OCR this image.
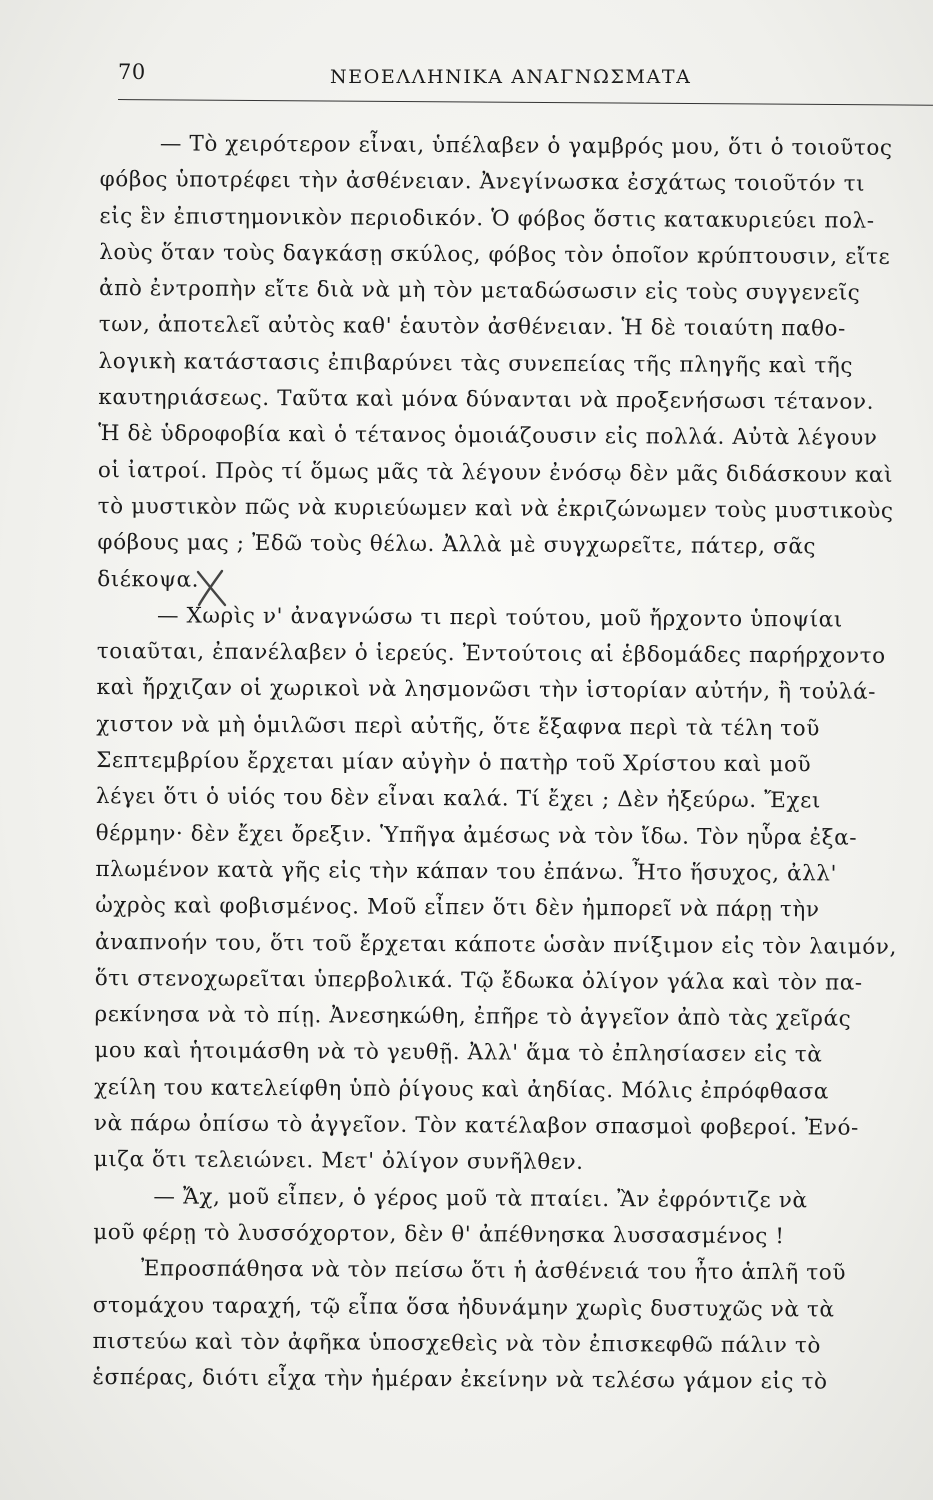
70	ΝΕΟΕΛΛΗΝΙΚΑ ΑΝΑΓΝΩΣΜΑΤΑ
— Τὸ χειρότερον εἶναι, ὑπέλαβεν ὁ γαμβρός μου, ὅτι ὁ τοιοῦτος
φόβος ὑποτρέφει τὴν ἀσθένειαν. Ἀνεγίνωσκα ἐσχάτως τοιοῦτόν τι
εἰς ἓν ἐπιστημονικὸν περιοδικόν. Ὁ φόβος ὅστις κατακυριεύει πολ-
λοὺς ὅταν τοὺς δαγκάσῃ σκύλος, φόβος τὸν ὁποῖον κρύπτουσιν, εἴτε
ἀπὸ ἐντροπὴν εἴτε διὰ νὰ μὴ τὸν μεταδώσωσιν εἰς τοὺς συγγενεῖς
των, ἀποτελεῖ αὐτὸς καθ' ἑαυτὸν ἀσθένειαν. Ἡ δὲ τοιαύτη παθο-
λογικὴ κατάστασις ἐπιβαρύνει τὰς συνεπείας τῆς πληγῆς καὶ τῆς
καυτηριάσεως. Ταῦτα καὶ μόνα δύνανται νὰ προξενήσωσι τέτανον.
Ἡ δὲ ὑδροφοβία καὶ ὁ τέτανος ὁμοιάζουσιν εἰς πολλά. Αὐτὰ λέγουν
οἱ ἰατροί. Πρὸς τί ὅμως μᾶς τὰ λέγουν ἐνόσῳ δὲν μᾶς διδάσκουν καὶ
τὸ μυστικὸν πῶς νὰ κυριεύωμεν καὶ νὰ ἐκριζώνωμεν τοὺς μυστικοὺς
φόβους μας ; Ἐδῶ τοὺς θέλω. Ἀλλὰ μὲ συγχωρεῖτε, πάτερ, σᾶς
διέκοψα.
— Χωρὶς ν' ἀναγνώσω τι περὶ τούτου, μοῦ ἤρχοντο ὑποψίαι
τοιαῦται, ἐπανέλαβεν ὁ ἱερεύς. Ἐντούτοις αἱ ἑβδομάδες παρήρχοντο
καὶ ἤρχιζαν οἱ χωρικοὶ νὰ λησμονῶσι τὴν ἱστορίαν αὐτήν, ἢ τοὐλά-
χιστον νὰ μὴ ὁμιλῶσι περὶ αὐτῆς, ὅτε ἔξαφνα περὶ τὰ τέλη τοῦ
Σεπτεμβρίου ἔρχεται μίαν αὐγὴν ὁ πατὴρ τοῦ Χρίστου καὶ μοῦ
λέγει ὅτι ὁ υἱός του δὲν εἶναι καλά. Τί ἔχει ; Δὲν ἠξεύρω. Ἔχει
θέρμην· δὲν ἔχει ὄρεξιν. Ὑπῆγα ἀμέσως νὰ τὸν ἴδω. Τὸν ηὗρα ἐξα-
πλωμένον κατὰ γῆς εἰς τὴν κάπαν του ἐπάνω. Ἦτο ἥσυχος, ἀλλ'
ὠχρὸς καὶ φοβισμένος. Μοῦ εἶπεν ὅτι δὲν ἠμπορεῖ νὰ πάρῃ τὴν
ἀναπνοήν του, ὅτι τοῦ ἔρχεται κάποτε ὡσὰν πνίξιμον εἰς τὸν λαιμόν,
ὅτι στενοχωρεῖται ὑπερβολικά. Τῷ ἔδωκα ὀλίγον γάλα καὶ τὸν πα-
ρεκίνησα νὰ τὸ πίῃ. Ἀνεσηκώθη, ἐπῆρε τὸ ἀγγεῖον ἀπὸ τὰς χεῖράς
μου καὶ ἡτοιμάσθη νὰ τὸ γευθῇ. Ἀλλ' ἅμα τὸ ἐπλησίασεν εἰς τὰ
χείλη του κατελείφθη ὑπὸ ῥίγους καὶ ἀηδίας. Μόλις ἐπρόφθασα
νὰ πάρω ὀπίσω τὸ ἀγγεῖον. Τὸν κατέλαβον σπασμοὶ φοβεροί. Ἐνό-
μιζα ὅτι τελειώνει. Μετ' ὀλίγον συνῆλθεν.
— Ἄχ, μοῦ εἶπεν, ὁ γέρος μοῦ τὰ πταίει. Ἂν ἐφρόντιζε νὰ
μοῦ φέρῃ τὸ λυσσόχορτον, δὲν θ' ἀπέθνησκα λυσσασμένος !
Ἐπροσπάθησα νὰ τὸν πείσω ὅτι ἡ ἀσθένειά του ἦτο ἁπλῆ τοῦ
στομάχου ταραχή, τῷ εἶπα ὅσα ἠδυνάμην χωρὶς δυστυχῶς νὰ τὰ
πιστεύω καὶ τὸν ἀφῆκα ὑποσχεθεὶς νὰ τὸν ἐπισκεφθῶ πάλιν τὸ
ἑσπέρας, διότι εἶχα τὴν ἡμέραν ἐκείνην νὰ τελέσω γάμον εἰς τὸ
